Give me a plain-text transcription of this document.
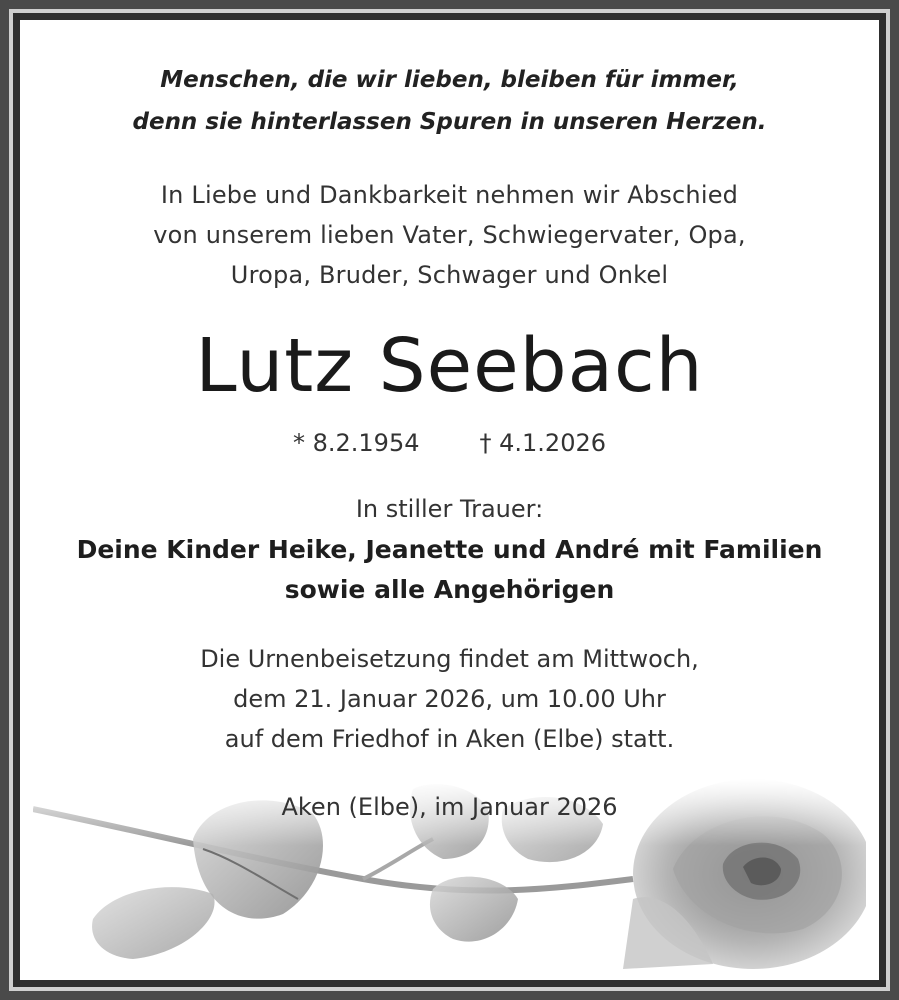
Menschen, die wir lieben, bleiben für immer,
denn sie hinterlassen Spuren in unseren Herzen.
In Liebe und Dankbarkeit nehmen wir Abschied
von unserem lieben Vater, Schwiegervater, Opa,
Uropa, Bruder, Schwager und Onkel
Lutz Seebach
* 8.2.1954	† 4.1.2026
In stiller Trauer:
Deine Kinder Heike, Jeanette und André mit Familien
sowie alle Angehörigen
Die Urnenbeisetzung findet am Mittwoch,
dem 21. Januar 2026, um 10.00 Uhr
auf dem Friedhof in Aken (Elbe) statt.
Aken (Elbe), im Januar 2026
